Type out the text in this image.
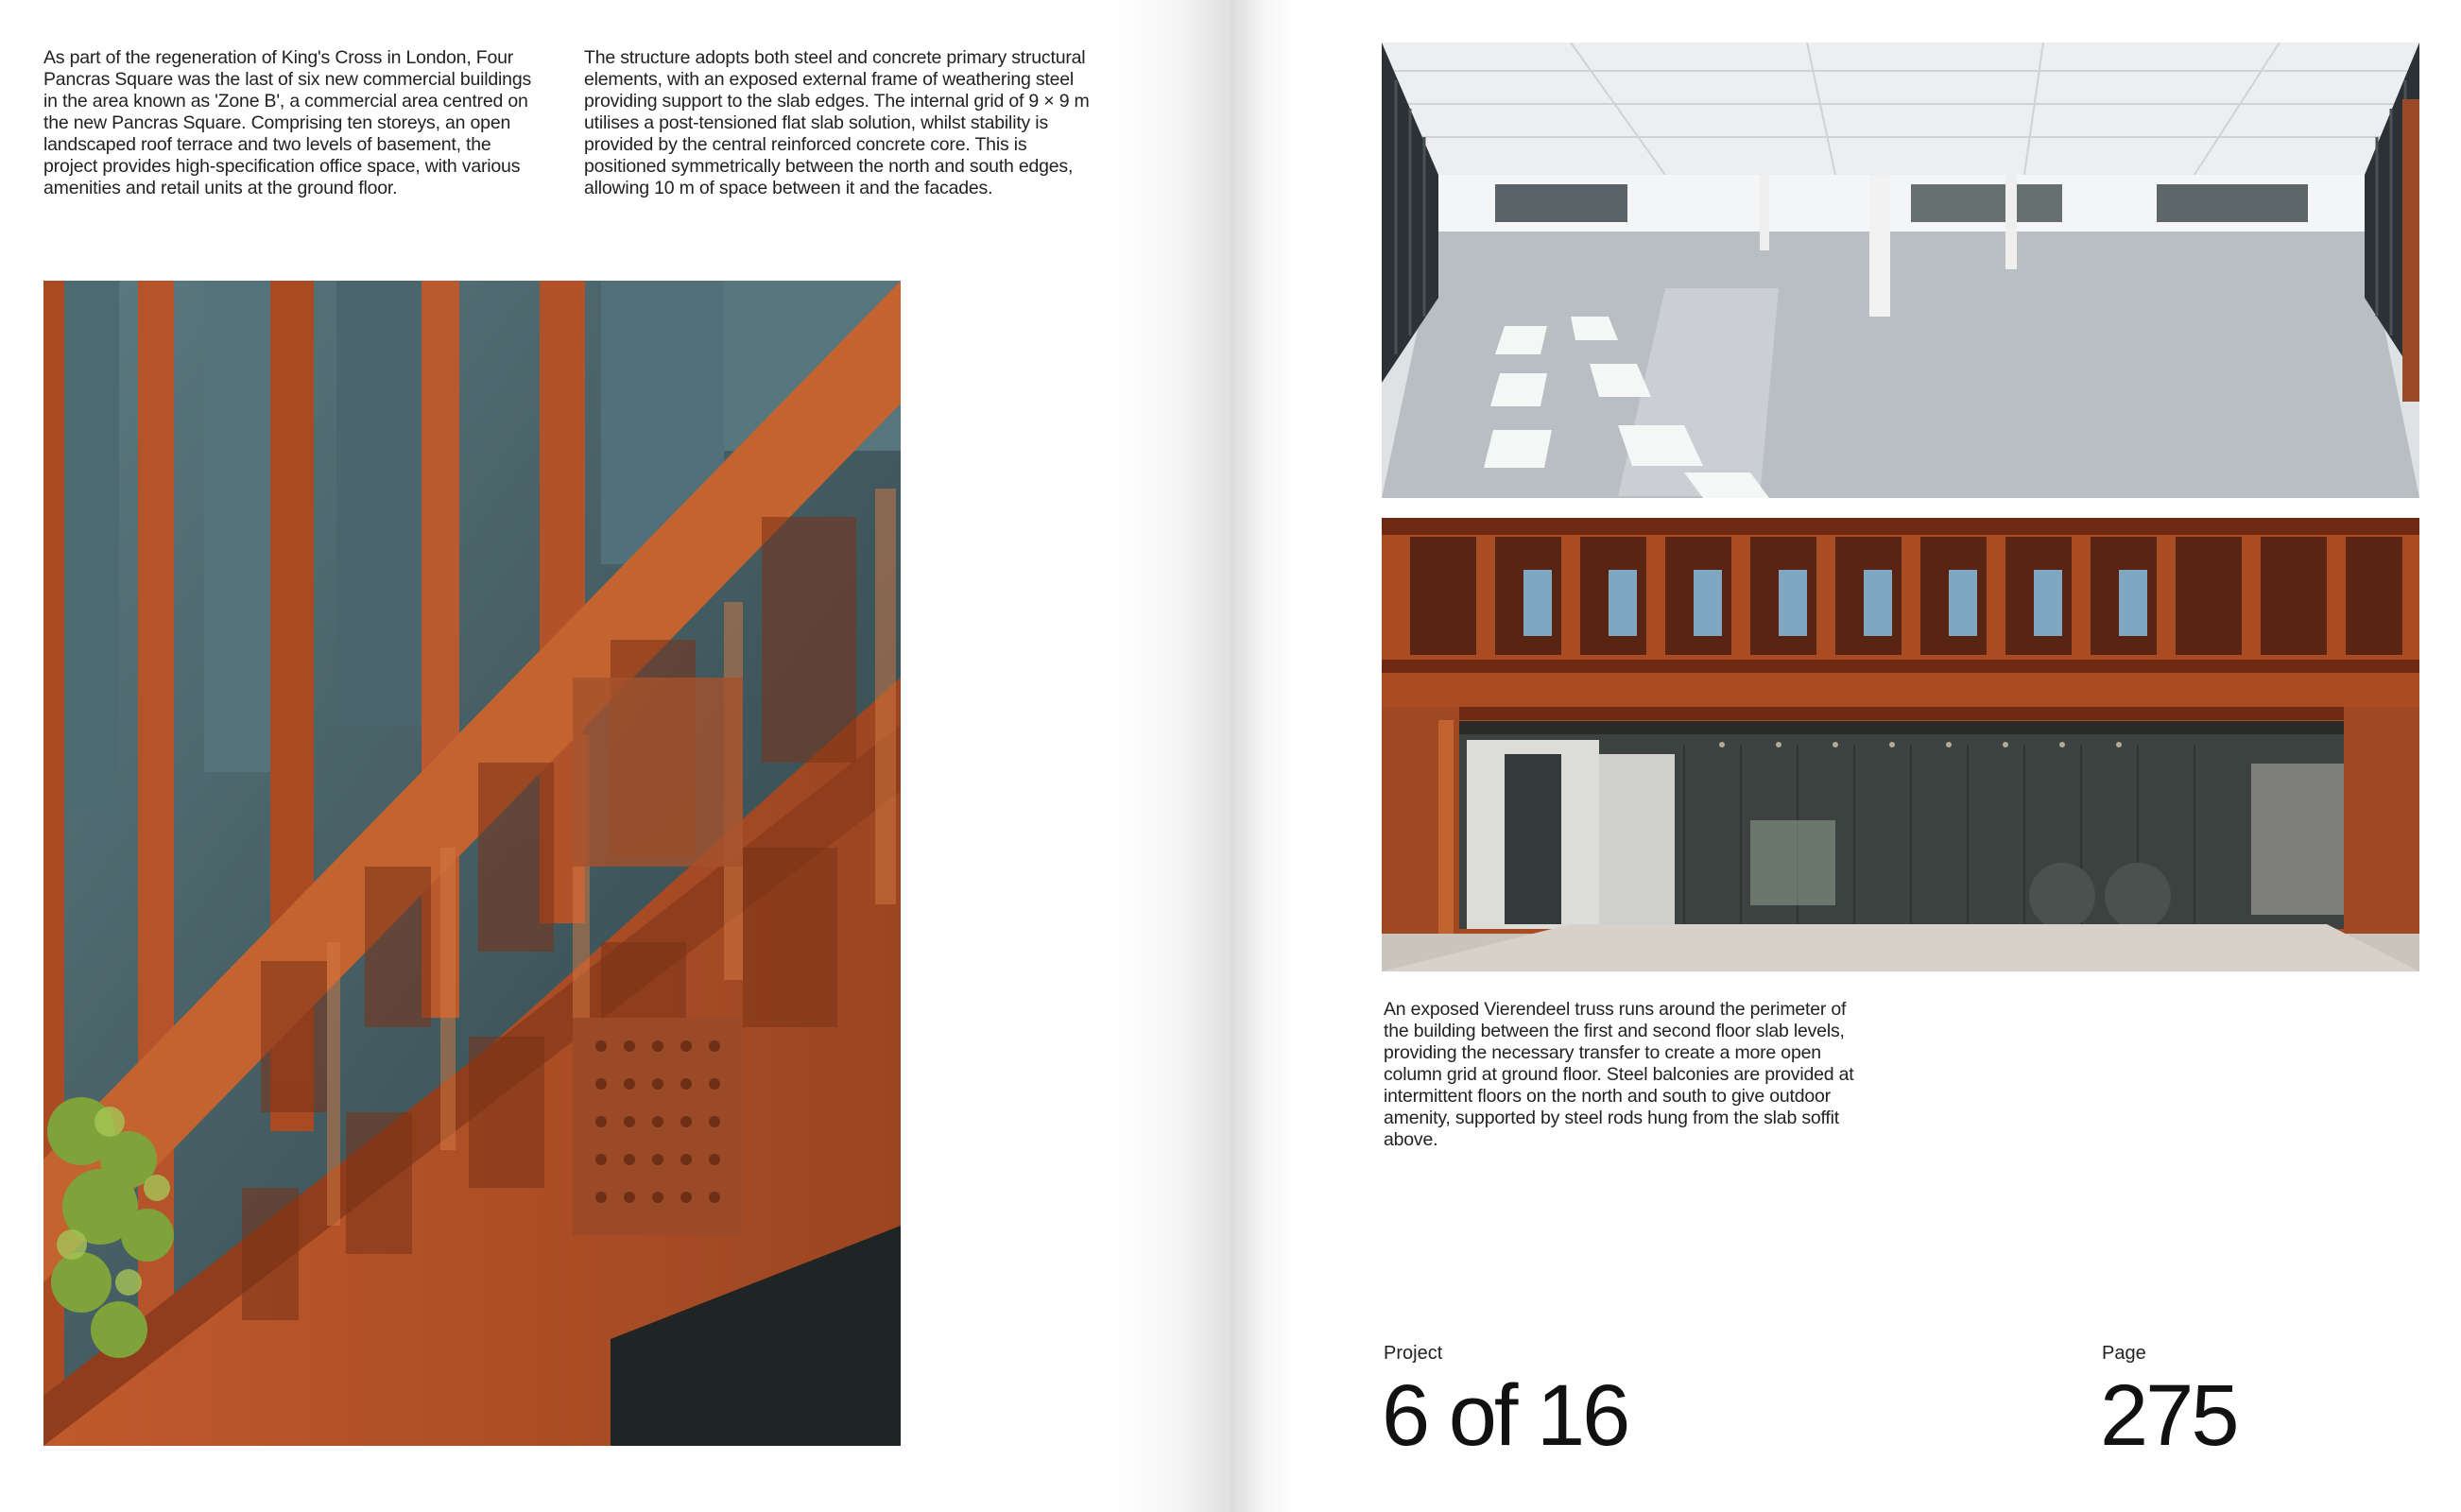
As part of the regeneration of King's Cross in London, Four Pancras Square was the last of six new commercial buildings in the area known as 'Zone B', a commercial area centred on the new Pancras Square. Comprising ten storeys, an open landscaped roof terrace and two levels of basement, the project provides high-specification office space, with various amenities and retail units at the ground floor.

The structure adopts both steel and concrete primary structural elements, with an exposed external frame of weathering steel providing support to the slab edges. The internal grid of 9 × 9 m utilises a post-tensioned flat slab solution, whilst stability is provided by the central reinforced concrete core. This is positioned symmetrically between the north and south edges, allowing 10 m of space between it and the facades.

An exposed Vierendeel truss runs around the perimeter of the building between the first and second floor slab levels, providing the necessary transfer to create a more open column grid at ground floor. Steel balconies are provided at intermittent floors on the north and south to give outdoor amenity, supported by steel rods hung from the slab soffit above.

Project

6 of 16

Page

275
